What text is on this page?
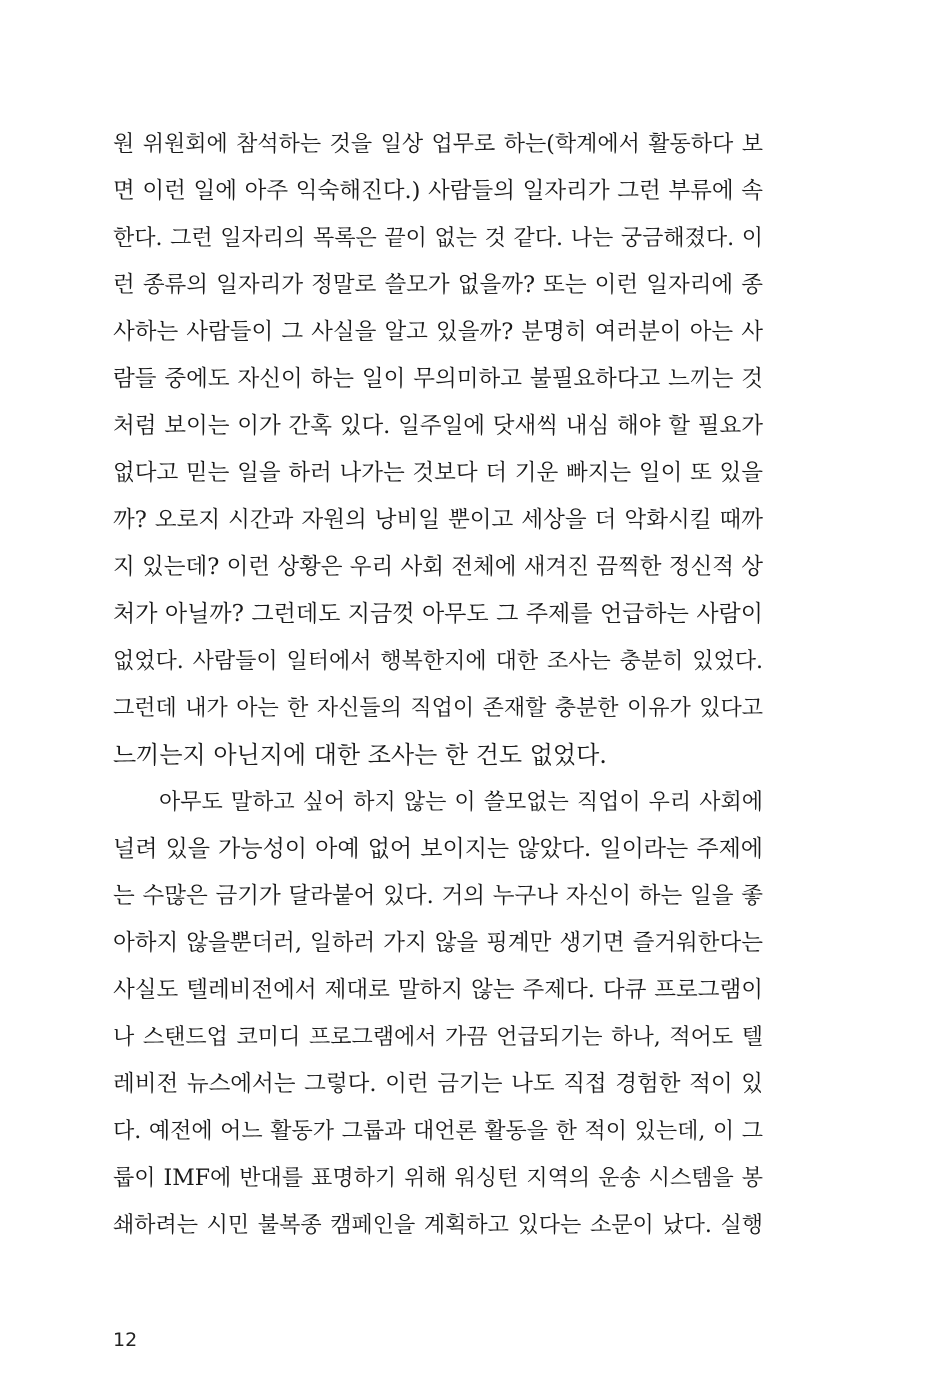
원 위원회에 참석하는 것을 일상 업무로 하는(학계에서 활동하다 보
면 이런 일에 아주 익숙해진다.) 사람들의 일자리가 그런 부류에 속
한다. 그런 일자리의 목록은 끝이 없는 것 같다. 나는 궁금해졌다. 이
런 종류의 일자리가 정말로 쓸모가 없을까? 또는 이런 일자리에 종
사하는 사람들이 그 사실을 알고 있을까? 분명히 여러분이 아는 사
람들 중에도 자신이 하는 일이 무의미하고 불필요하다고 느끼는 것
처럼 보이는 이가 간혹 있다. 일주일에 닷새씩 내심 해야 할 필요가
없다고 믿는 일을 하러 나가는 것보다 더 기운 빠지는 일이 또 있을
까? 오로지 시간과 자원의 낭비일 뿐이고 세상을 더 악화시킬 때까
지 있는데? 이런 상황은 우리 사회 전체에 새겨진 끔찍한 정신적 상
처가 아닐까? 그런데도 지금껏 아무도 그 주제를 언급하는 사람이
없었다. 사람들이 일터에서 행복한지에 대한 조사는 충분히 있었다.
그런데 내가 아는 한 자신들의 직업이 존재할 충분한 이유가 있다고
느끼는지 아닌지에 대한 조사는 한 건도 없었다.
아무도 말하고 싶어 하지 않는 이 쓸모없는 직업이 우리 사회에
널려 있을 가능성이 아예 없어 보이지는 않았다. 일이라는 주제에
는 수많은 금기가 달라붙어 있다. 거의 누구나 자신이 하는 일을 좋
아하지 않을뿐더러, 일하러 가지 않을 핑계만 생기면 즐거워한다는
사실도 텔레비전에서 제대로 말하지 않는 주제다. 다큐 프로그램이
나 스탠드업 코미디 프로그램에서 가끔 언급되기는 하나, 적어도 텔
레비전 뉴스에서는 그렇다. 이런 금기는 나도 직접 경험한 적이 있
다. 예전에 어느 활동가 그룹과 대언론 활동을 한 적이 있는데, 이 그
룹이 IMF에 반대를 표명하기 위해 워싱턴 지역의 운송 시스템을 봉
쇄하려는 시민 불복종 캠페인을 계획하고 있다는 소문이 났다. 실행
12
